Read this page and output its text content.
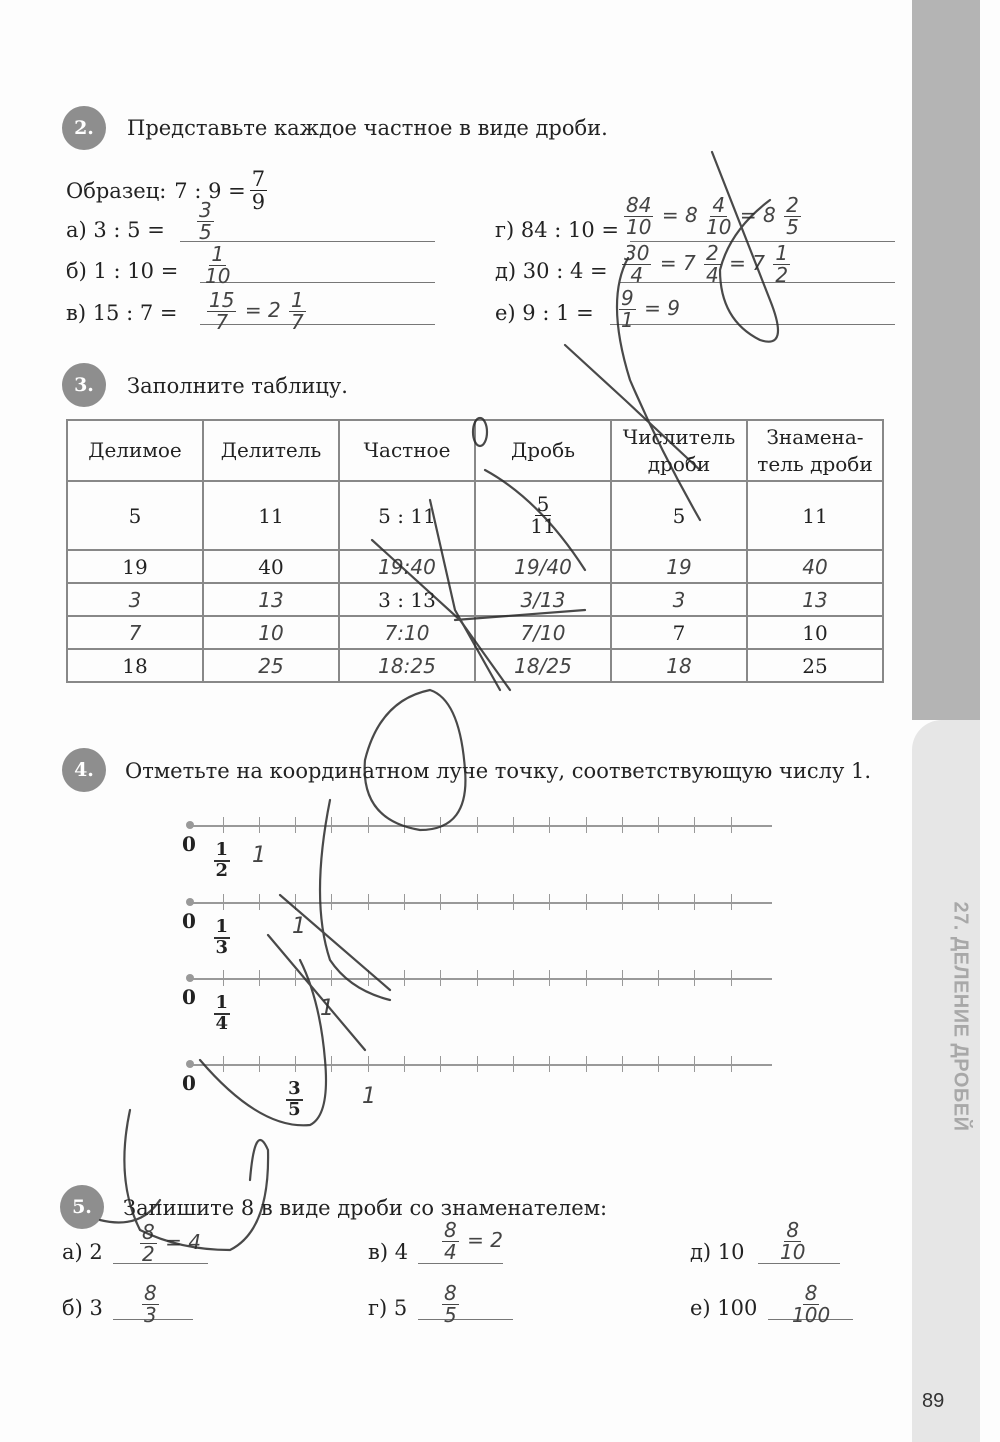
27. ДЕЛЕНИЕ ДРОБЕЙ
89
2.	Представьте каждое частное в виде дроби.
Образец: 7 : $9 = \frac{7}{9}$
а) 3 : $5 = \frac{3}{5}$
б) 1 : $10 = \frac{1}{10}$
в) 15 : $7 = \frac{15}{7} = 2 \frac{1}{7}$
г) 84 : $10 = \frac{84}{10} = 8 \frac{4}{10} = 8 \frac{2}{5}$
д) 30 : $4 = \frac{30}{4} = 7 \frac{2}{4} = 7 \frac{1}{2}$
е) 9 : $1 = \frac{9}{1} = 9$
3.	Заполните таблицу.
Делимое	Делитель	Частное	Дробь	Числитель дроби	Знамена-тель дроби
5	11	5 : 11	$\frac{5}{11}$	5	11
19	40	19:40	19/40	19	40
3	13	3 : 13	3/13	3	13
7	10	7:10	7/10	7	10
18	25	18:25	18/25	18	25
4.	Отметьте на координатном луче точку, соответствующую числу 1.
$0 \frac{1}{2} 1$
$0 \frac{1}{3}$	1
$0 \frac{1}{4}$	1
0	$\frac{3}{5}$	1
5.	Запишите 8 в виде дроби со знаменателем:
а) $2 \frac{8}{2} = 4$
б) $3 \frac{8}{3}$
в) $4 \frac{8}{4} = 2$
г) $5 \frac{8}{5}$
д) $10 \frac{8}{10}$
е) $100 \frac{8}{100}$
